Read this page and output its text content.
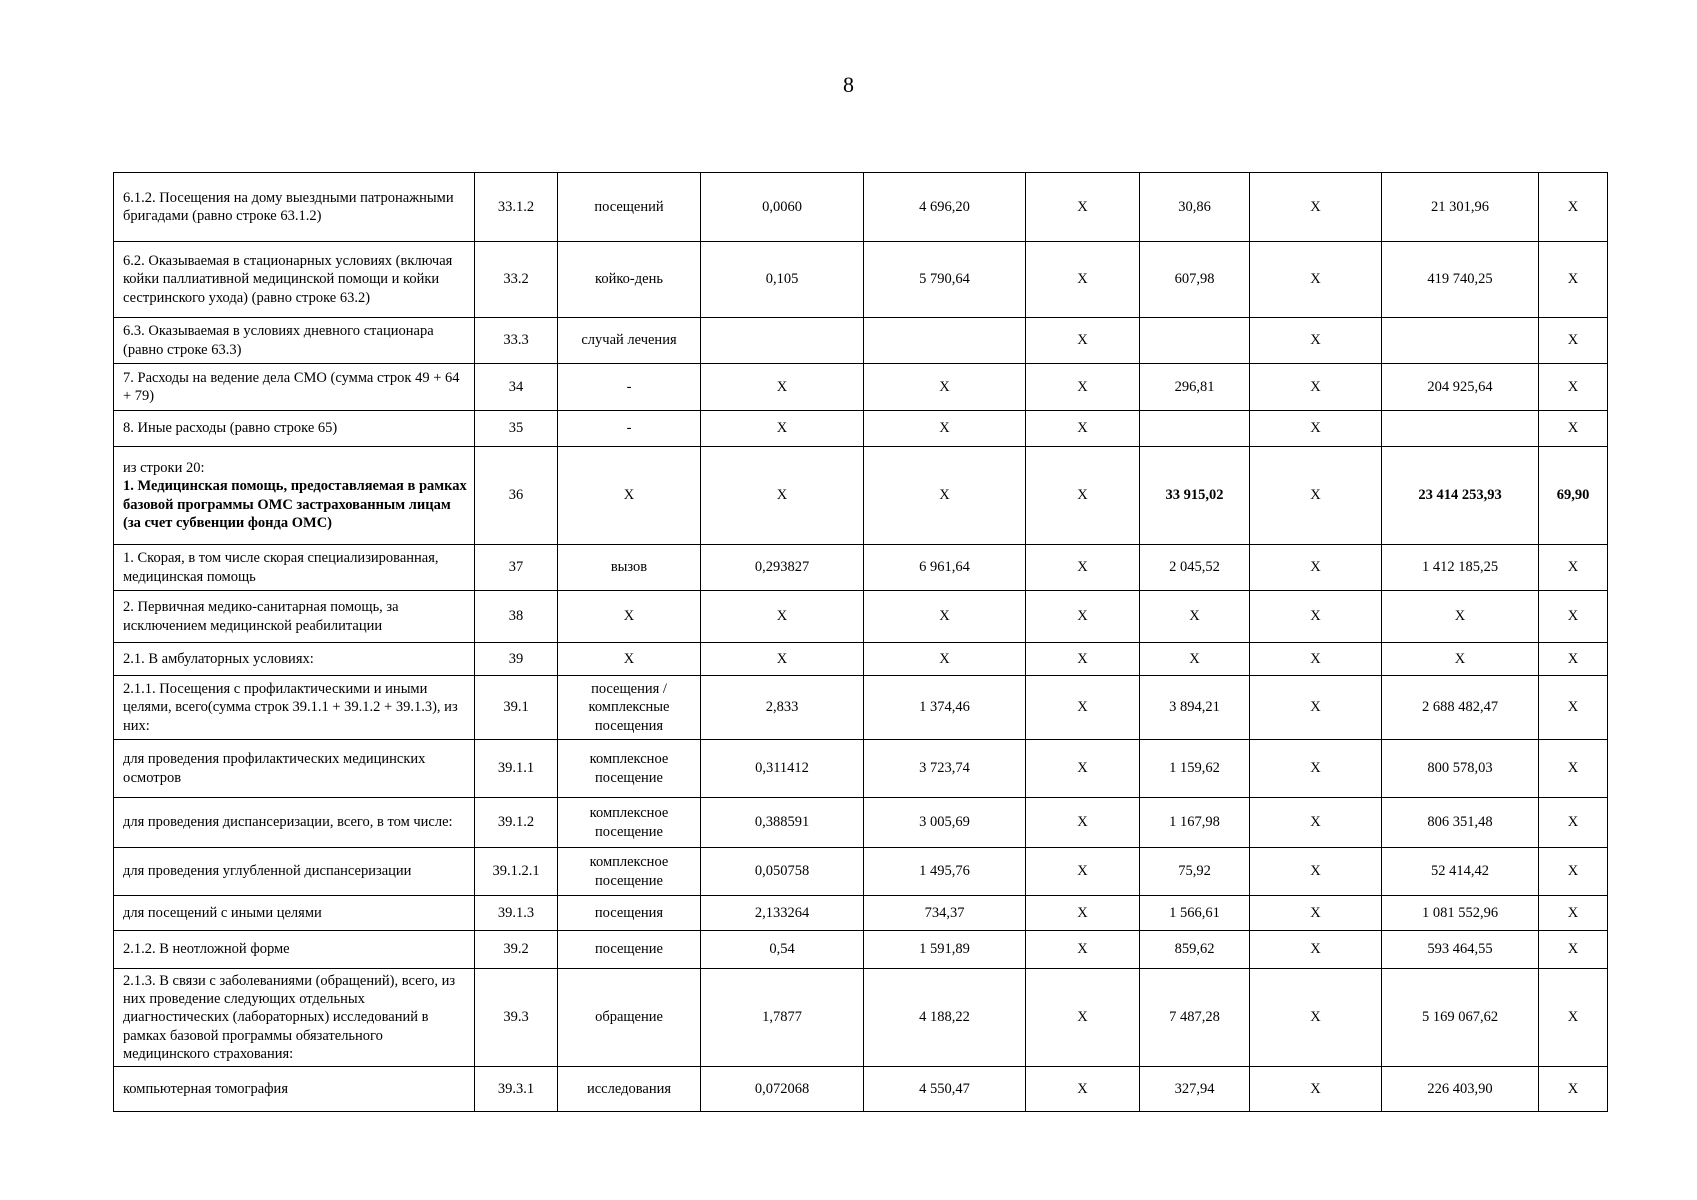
8
6.1.2. Посещения на дому выездными патронажными бригадами (равно строке 63.1.2)	33.1.2	посещений	0,0060	4 696,20	X	30,86	X	21 301,96	X

6.2. Оказываемая в стационарных условиях (включая койки паллиативной медицинской помощи и койки сестринского ухода) (равно строке 63.2)	33.2	койко-день	0,105	5 790,64	X	607,98	X	419 740,25	X

6.3. Оказываемая в условиях дневного стационара (равно строке 63.3)	33.3	случай лечения			X		X		X

7. Расходы на ведение дела СМО (сумма строк 49 + 64 + 79)	34	-	X	X	X	296,81	X	204 925,64	X

8. Иные расходы (равно строке 65)	35	-	X	X	X		X		X

из строки 20:
1. Медицинская помощь, предоставляемая в рамках базовой программы ОМС застрахованным лицам (за счет субвенции фонда ОМС)	36	X	X	X	X	33 915,02	X	23 414 253,93	69,90

1. Скорая, в том числе скорая специализированная, медицинская помощь	37	вызов	0,293827	6 961,64	X	2 045,52	X	1 412 185,25	X

2. Первичная медико-санитарная помощь, за исключением медицинской реабилитации	38	X	X	X	X	X	X	X	X

2.1. В амбулаторных условиях:	39	X	X	X	X	X	X	X	X

2.1.1. Посещения с профилактическими и иными целями, всего(сумма строк 39.1.1 + 39.1.2 + 39.1.3), из них:	39.1	посещения / комплексные посещения	2,833	1 374,46	X	3 894,21	X	2 688 482,47	X

для проведения профилактических медицинских осмотров	39.1.1	комплексное посещение	0,311412	3 723,74	X	1 159,62	X	800 578,03	X

для проведения диспансеризации, всего, в том числе:	39.1.2	комплексное посещение	0,388591	3 005,69	X	1 167,98	X	806 351,48	X

для проведения углубленной диспансеризации	39.1.2.1	комплексное посещение	0,050758	1 495,76	X	75,92	X	52 414,42	X

для посещений с иными целями	39.1.3	посещения	2,133264	734,37	X	1 566,61	X	1 081 552,96	X

2.1.2. В неотложной форме	39.2	посещение	0,54	1 591,89	X	859,62	X	593 464,55	X

2.1.3. В связи с заболеваниями (обращений), всего, из них проведение следующих отдельных диагностических (лабораторных) исследований в рамках базовой программы обязательного медицинского страхования:	39.3	обращение	1,7877	4 188,22	X	7 487,28	X	5 169 067,62	X

компьютерная томография	39.3.1	исследования	0,072068	4 550,47	X	327,94	X	226 403,90	X
